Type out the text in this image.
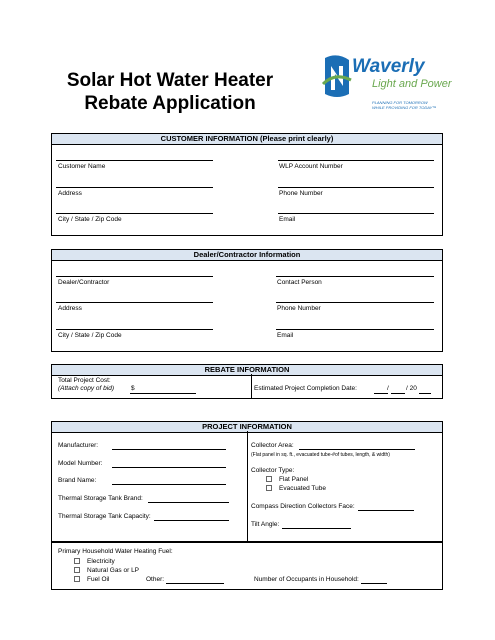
Solar Hot Water Heater
Rebate Application
Waverly
Light and Power
PLANNING FOR TOMORROW
WHILE PROVIDING FOR TODAY™
CUSTOMER INFORMATION (Please print clearly)
Customer Name	WLP Account Number
Address	Phone Number
City / State / Zip Code	Email
Dealer/Contractor Information
Dealer/Contractor	Contact Person
Address	Phone Number
City / State / Zip Code	Email
REBATE INFORMATION
Total Project Cost:
(Attach copy of bid)	$	Estimated Project Completion Date:	/	/ 20
PROJECT INFORMATION
Manufacturer:
Model Number:
Brand Name:
Thermal Storage Tank Brand:
Thermal Storage Tank Capacity:
Collector Area:
(Flat panel in sq. ft., evacuated tube-#of tubes, length, & width)
Collector Type:
Flat Panel
Evacuated Tube
Compass Direction Collectors Face:
Tilt Angle:
Primary Household Water Heating Fuel:
Electricity
Natural Gas or LP
Fuel Oil	Other:	Number of Occupants in Household:
